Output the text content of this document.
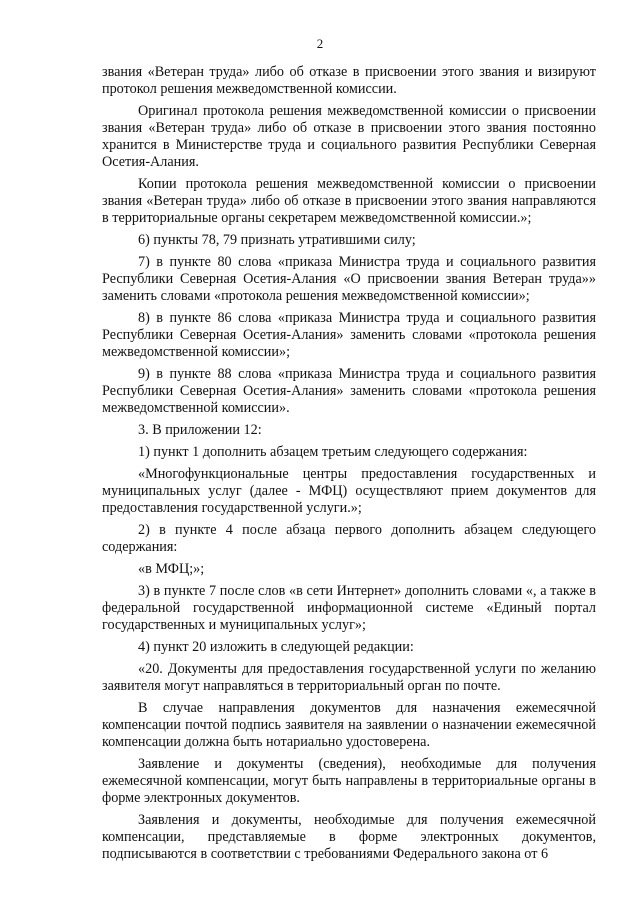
2

звания «Ветеран труда» либо об отказе в присвоении этого звания и визируют протокол решения межведомственной комиссии.

Оригинал протокола решения межведомственной комиссии о присвоении звания «Ветеран труда» либо об отказе в присвоении этого звания постоянно хранится в Министерстве труда и социального развития Республики Северная Осетия-Алания.

Копии протокола решения межведомственной комиссии о присвоении звания «Ветеран труда» либо об отказе в присвоении этого звания направляются в территориальные органы секретарем межведомственной комиссии.»;

6) пункты 78, 79 признать утратившими силу;

7) в пункте 80 слова «приказа Министра труда и социального развития Республики Северная Осетия-Алания «О присвоении звания Ветеран труда»» заменить словами «протокола решения межведомственной комиссии»;

8) в пункте 86 слова «приказа Министра труда и социального развития Республики Северная Осетия-Алания» заменить словами «протокола решения межведомственной комиссии»;

9) в пункте 88 слова «приказа Министра труда и социального развития Республики Северная Осетия-Алания» заменить словами «протокола решения межведомственной комиссии».

3. В приложении 12:

1) пункт 1 дополнить абзацем третьим следующего содержания:

«Многофункциональные центры предоставления государственных и муниципальных услуг (далее - МФЦ) осуществляют прием документов для предоставления государственной услуги.»;

2) в пункте 4 после абзаца первого дополнить абзацем следующего содержания:

«в МФЦ;»;

3) в пункте 7 после слов «в сети Интернет» дополнить словами «, а также в федеральной государственной информационной системе «Единый портал государственных и муниципальных услуг»;

4) пункт 20 изложить в следующей редакции:

«20. Документы для предоставления государственной услуги по желанию заявителя могут направляться в территориальный орган по почте.

В случае направления документов для назначения ежемесячной компенсации почтой подпись заявителя на заявлении о назначении ежемесячной компенсации должна быть нотариально удостоверена.

Заявление и документы (сведения), необходимые для получения ежемесячной компенсации, могут быть направлены в территориальные органы в форме электронных документов.

Заявления и документы, необходимые для получения ежемесячной компенсации, представляемые в форме электронных документов, подписываются в соответствии с требованиями Федерального закона от 6
